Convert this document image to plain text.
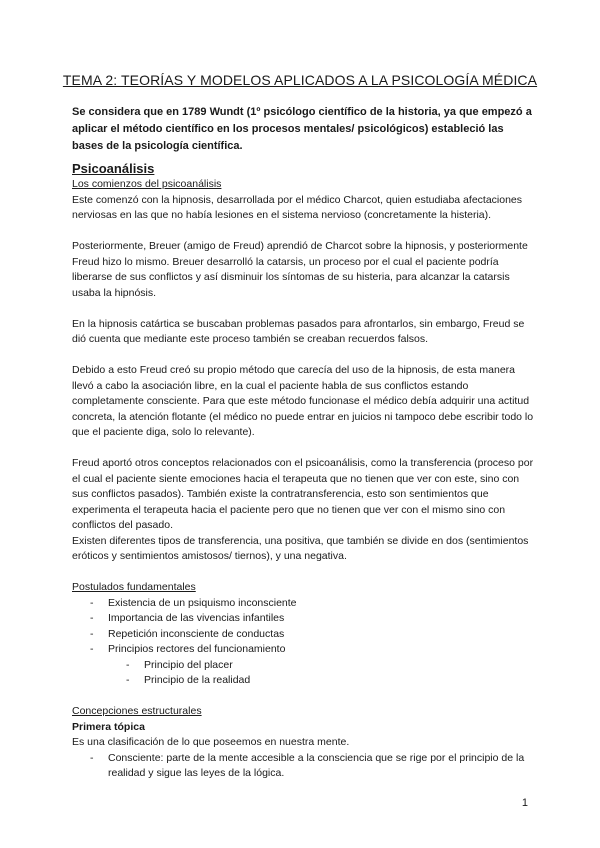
TEMA 2: TEORÍAS Y MODELOS APLICADOS A LA PSICOLOGÍA MÉDICA
Se considera que en 1789 Wundt (1º psicólogo científico de la historia, ya que empezó a aplicar el método científico en los procesos mentales/ psicológicos) estableció las bases de la psicología científica.

Psicoanálisis

Los comienzos del psicoanálisis

Este comenzó con la hipnosis, desarrollada por el médico Charcot, quien estudiaba afectaciones nerviosas en las que no había lesiones en el sistema nervioso (concretamente la histeria).

Posteriormente, Breuer (amigo de Freud) aprendió de Charcot sobre la hipnosis, y posteriormente Freud hizo lo mismo. Breuer desarrolló la catarsis, un proceso por el cual el paciente podría liberarse de sus conflictos y así disminuir los síntomas de su histeria, para alcanzar la catarsis usaba la hipnósis.

En la hipnosis catártica se buscaban problemas pasados para afrontarlos, sin embargo, Freud se dió cuenta que mediante este proceso también se creaban recuerdos falsos.

Debido a esto Freud creó su propio método que carecía del uso de la hipnosis, de esta manera llevó a cabo la asociación libre, en la cual el paciente habla de sus conflictos estando completamente consciente. Para que este método funcionase el médico debía adquirir una actitud concreta, la atención flotante (el médico no puede entrar en juicios ni tampoco debe escribir todo lo que el paciente diga, solo lo relevante).

Freud aportó otros conceptos relacionados con el psicoanálisis, como la transferencia (proceso por el cual el paciente siente emociones hacia el terapeuta que no tienen que ver con este, sino con sus conflictos pasados). También existe la contratransferencia, esto son sentimientos que experimenta el terapeuta hacia el paciente pero que no tienen que ver con el mismo sino con conflictos del pasado.

Existen diferentes tipos de transferencia, una positiva, que también se divide en dos (sentimientos eróticos y sentimientos amistosos/ tiernos), y una negativa.

Postulados fundamentales

- Existencia de un psiquismo inconsciente
- Importancia de las vivencias infantiles
- Repetición inconsciente de conductas
- Principios rectores del funcionamiento
- Principio del placer
- Principio de la realidad

Concepciones estructurales

Primera tópica

Es una clasificación de lo que poseemos en nuestra mente.

- Consciente: parte de la mente accesible a la consciencia que se rige por el principio de la realidad y sigue las leyes de la lógica.
1
